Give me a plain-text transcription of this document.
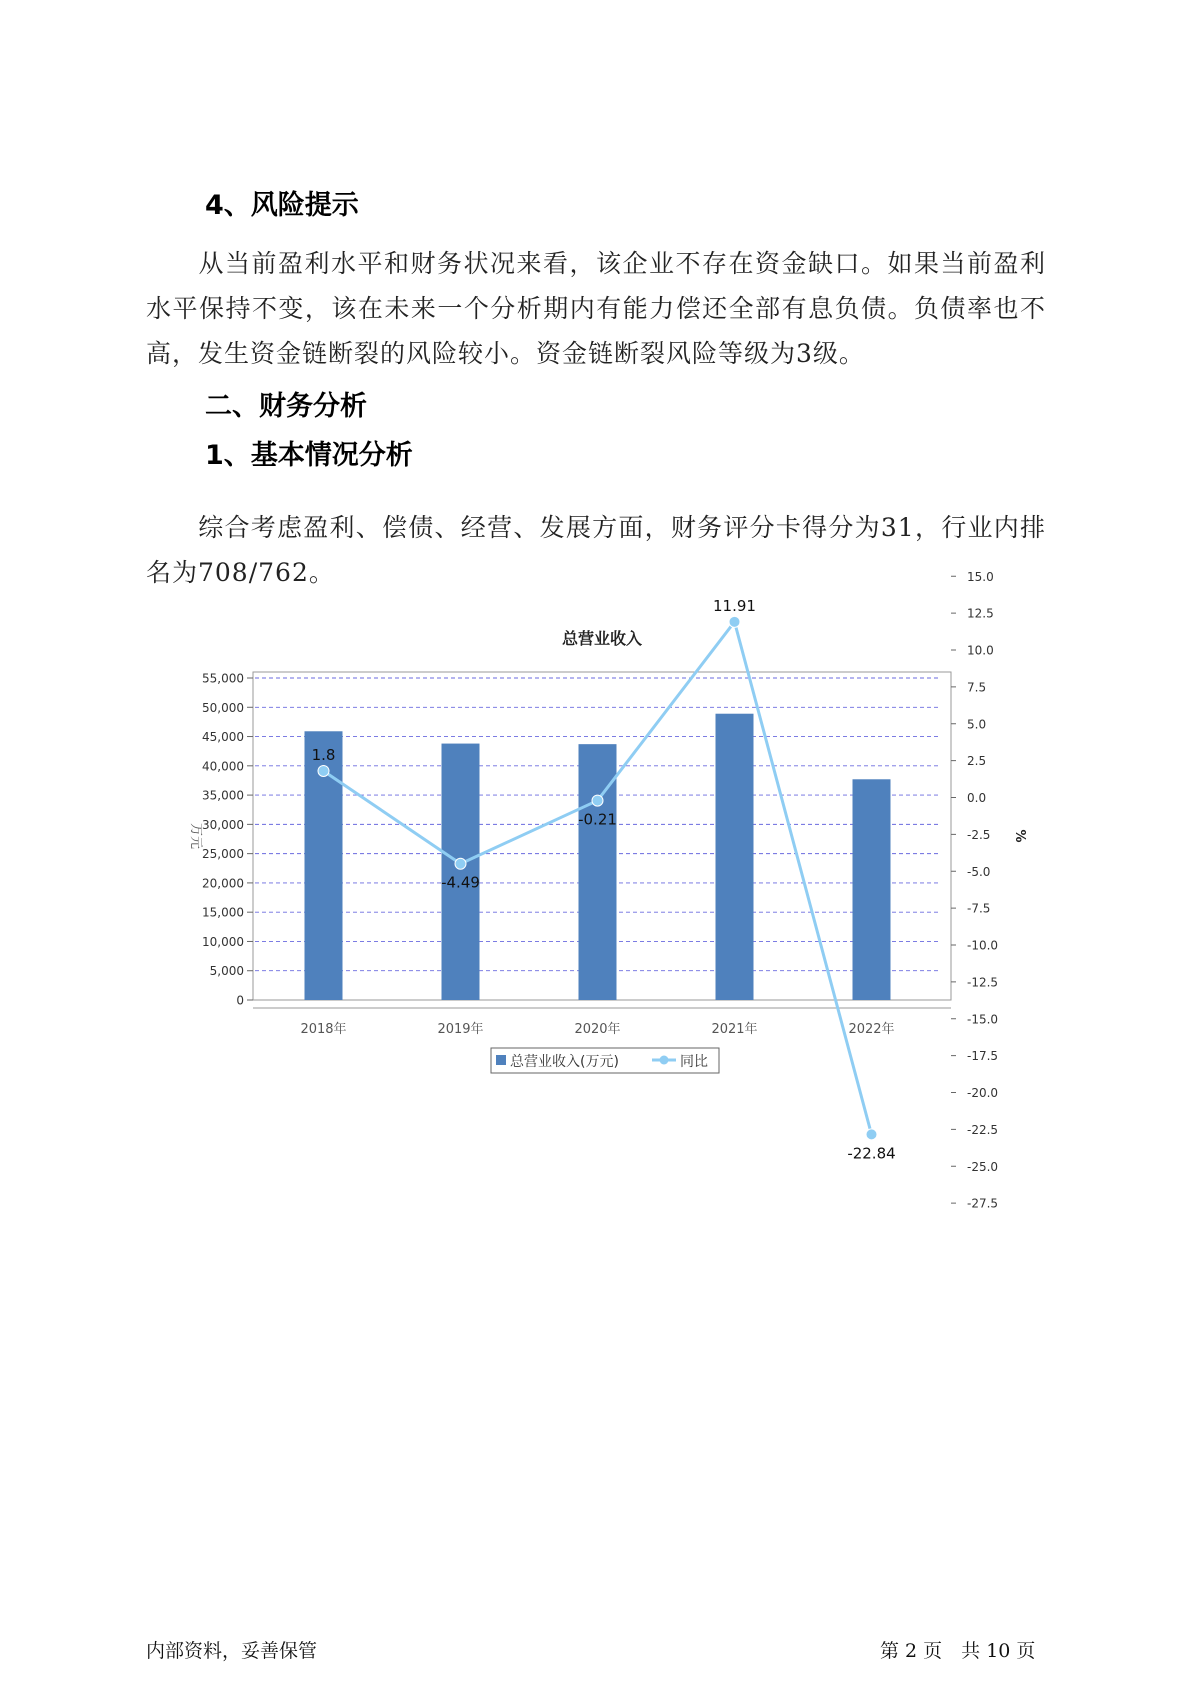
4、风险提示

从当前盈利水平和财务状况来看，该企业不存在资金缺口。如果当前盈利水平保持不变，该在未来一个分析期内有能力偿还全部有息负债。负债率也不高，发生资金链断裂的风险较小。资金链断裂风险等级为3级。

二、财务分析
1、基本情况分析

综合考虑盈利、偿债、经营、发展方面，财务评分卡得分为31，行业内排名为708/762。

总营业收入
0
5,000
10,000
15,000
20,000
25,000
30,000
35,000
40,000
45,000
50,000
55,000
15.0
12.5
10.0
7.5
5.0
2.5
0.0
-2.5
-5.0
-7.5
-10.0
-12.5
-15.0
-17.5
-20.0
-22.5
-25.0
-27.5
万元	%
2018年	2019年	2020年	2021年	2022年
1.8
-4.49
-0.21
11.91
-22.84
总营业收入(万元)	同比
内部资料，妥善保管	第 2 页　共 10 页
